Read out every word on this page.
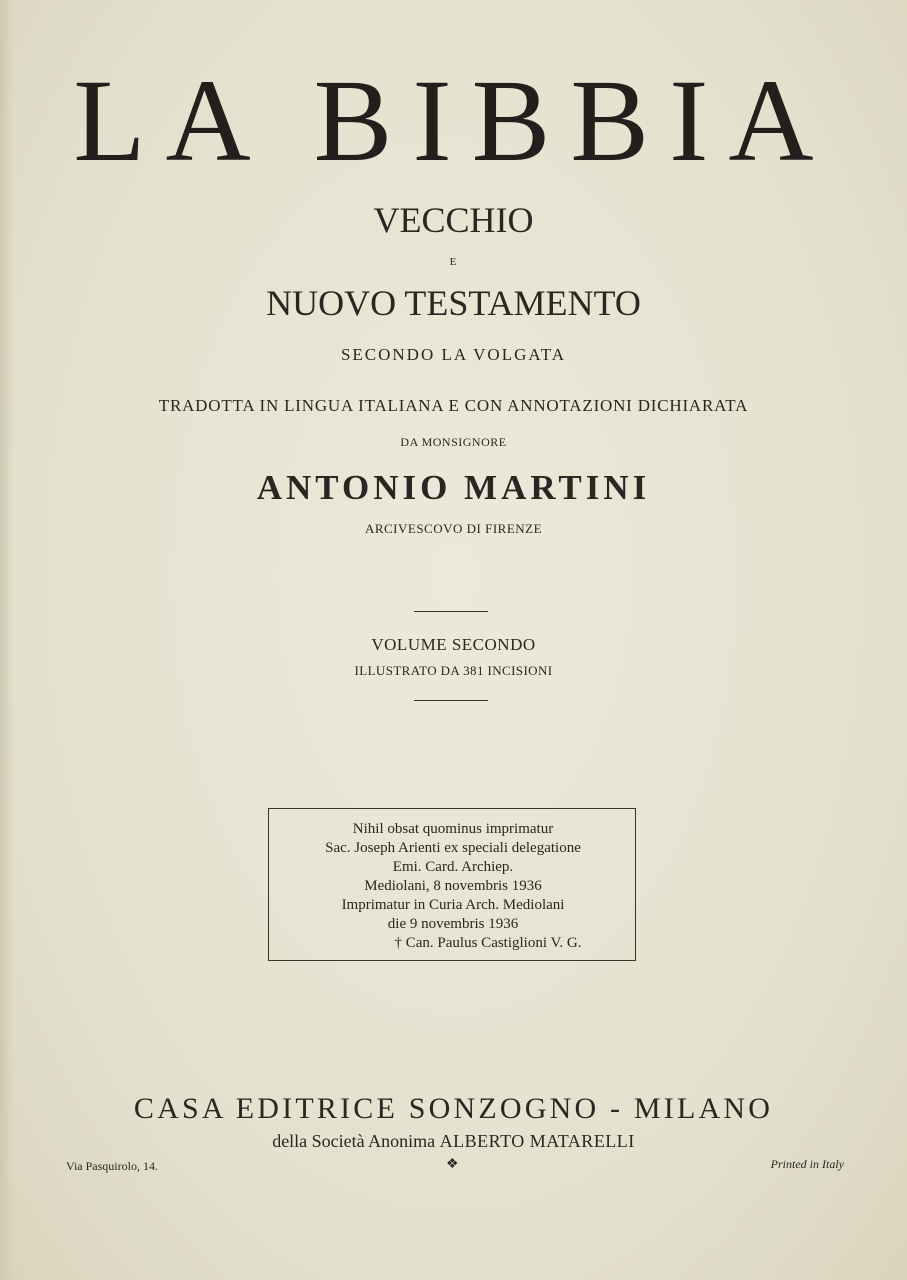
LA BIBBIA
VECCHIO
E
NUOVO TESTAMENTO
SECONDO LA VOLGATA
TRADOTTA IN LINGUA ITALIANA E CON ANNOTAZIONI DICHIARATA
DA MONSIGNORE
ANTONIO MARTINI
ARCIVESCOVO DI FIRENZE
VOLUME SECONDO
ILLUSTRATO DA 381 INCISIONI
Nihil obsat quominus imprimatur
Sac. Joseph Arienti ex speciali delegatione
Emi. Card. Archiep.
Mediolani, 8 novembris 1936
Imprimatur in Curia Arch. Mediolani
die 9 novembris 1936
† Can. Paulus Castiglioni V. G.
CASA EDITRICE SONZOGNO - MILANO
della Società Anonima ALBERTO MATARELLI
Via Pasquirolo, 14.	❖	Printed in Italy
